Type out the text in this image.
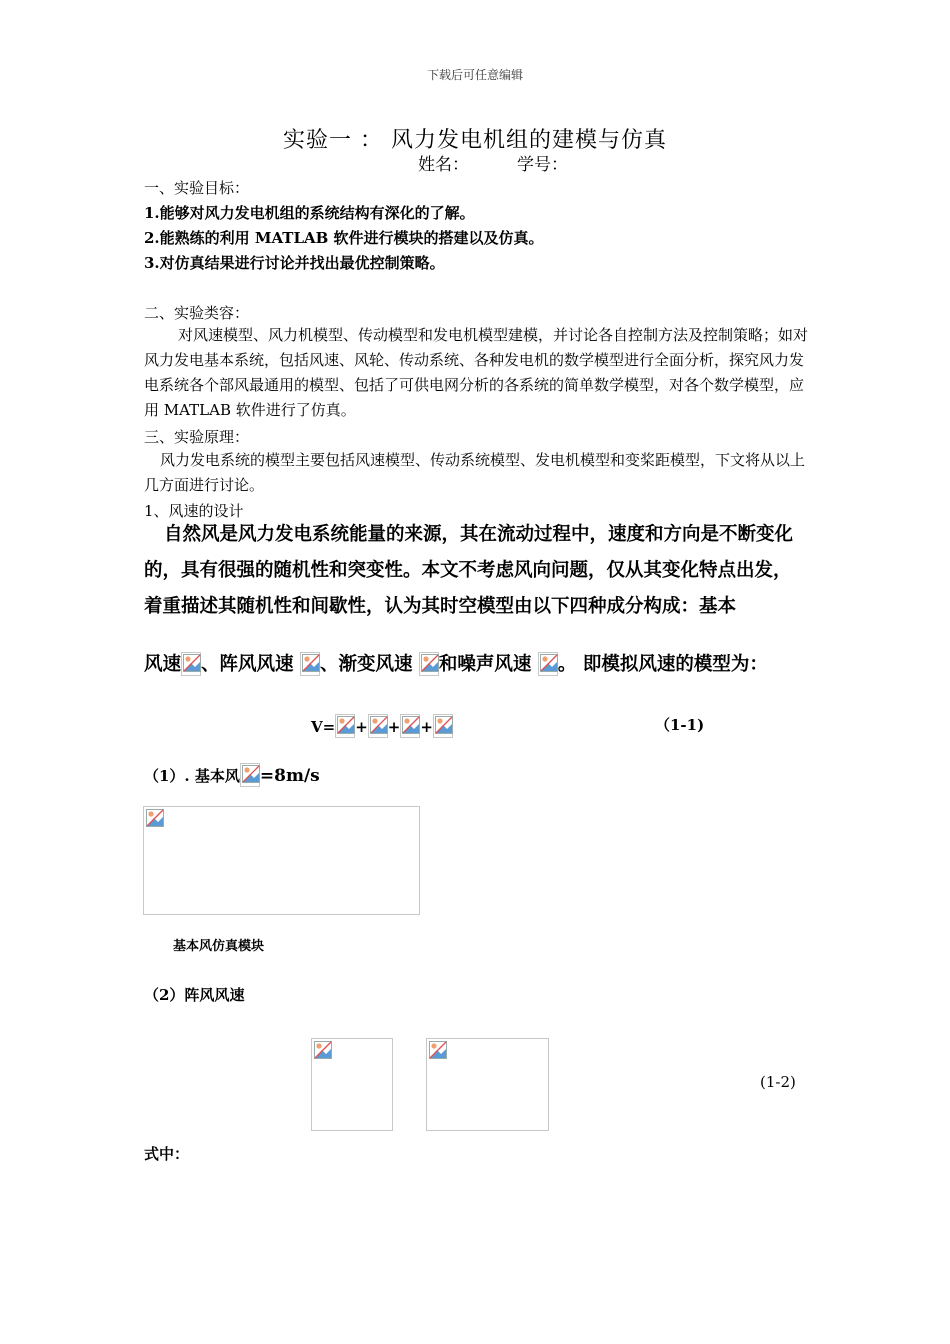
下载后可任意编辑
实验一 ： 风力发电机组的建模与仿真
姓名：	学号：
一、实验目标：
1.能够对风力发电机组的系统结构有深化的了解。
2.能熟练的利用 MATLAB 软件进行模块的搭建以及仿真。
3.对仿真结果进行讨论并找出最优控制策略。
二、实验类容：
对风速模型、风力机模型、传动模型和发电机模型建模，并讨论各自控制方法及控制策略；如对风力发电基本系统，包括风速、风轮、传动系统、各种发电机的数学模型进行全面分析，探究风力发电系统各个部风最通用的模型、包括了可供电网分析的各系统的简单数学模型，对各个数学模型，应用 MATLAB 软件进行了仿真。
三、实验原理：
风力发电系统的模型主要包括风速模型、传动系统模型、发电机模型和变桨距模型，下文将从以上几方面进行讨论。
1、风速的设计
自然风是风力发电系统能量的来源，其在流动过程中，速度和方向是不断变化的，具有很强的随机性和突变性。本文不考虑风向问题，仅从其变化特点出发，着重描述其随机性和间歇性，认为其时空模型由以下四种成分构成：基本
风速 、阵风风速
、渐变风速
和噪声风速
。 即模拟风速的模型为：
V= + + +	（1-1)
（1）. 基本风 =8m/s
基本风仿真模块
（2）阵风风速
(1-2)
式中：
